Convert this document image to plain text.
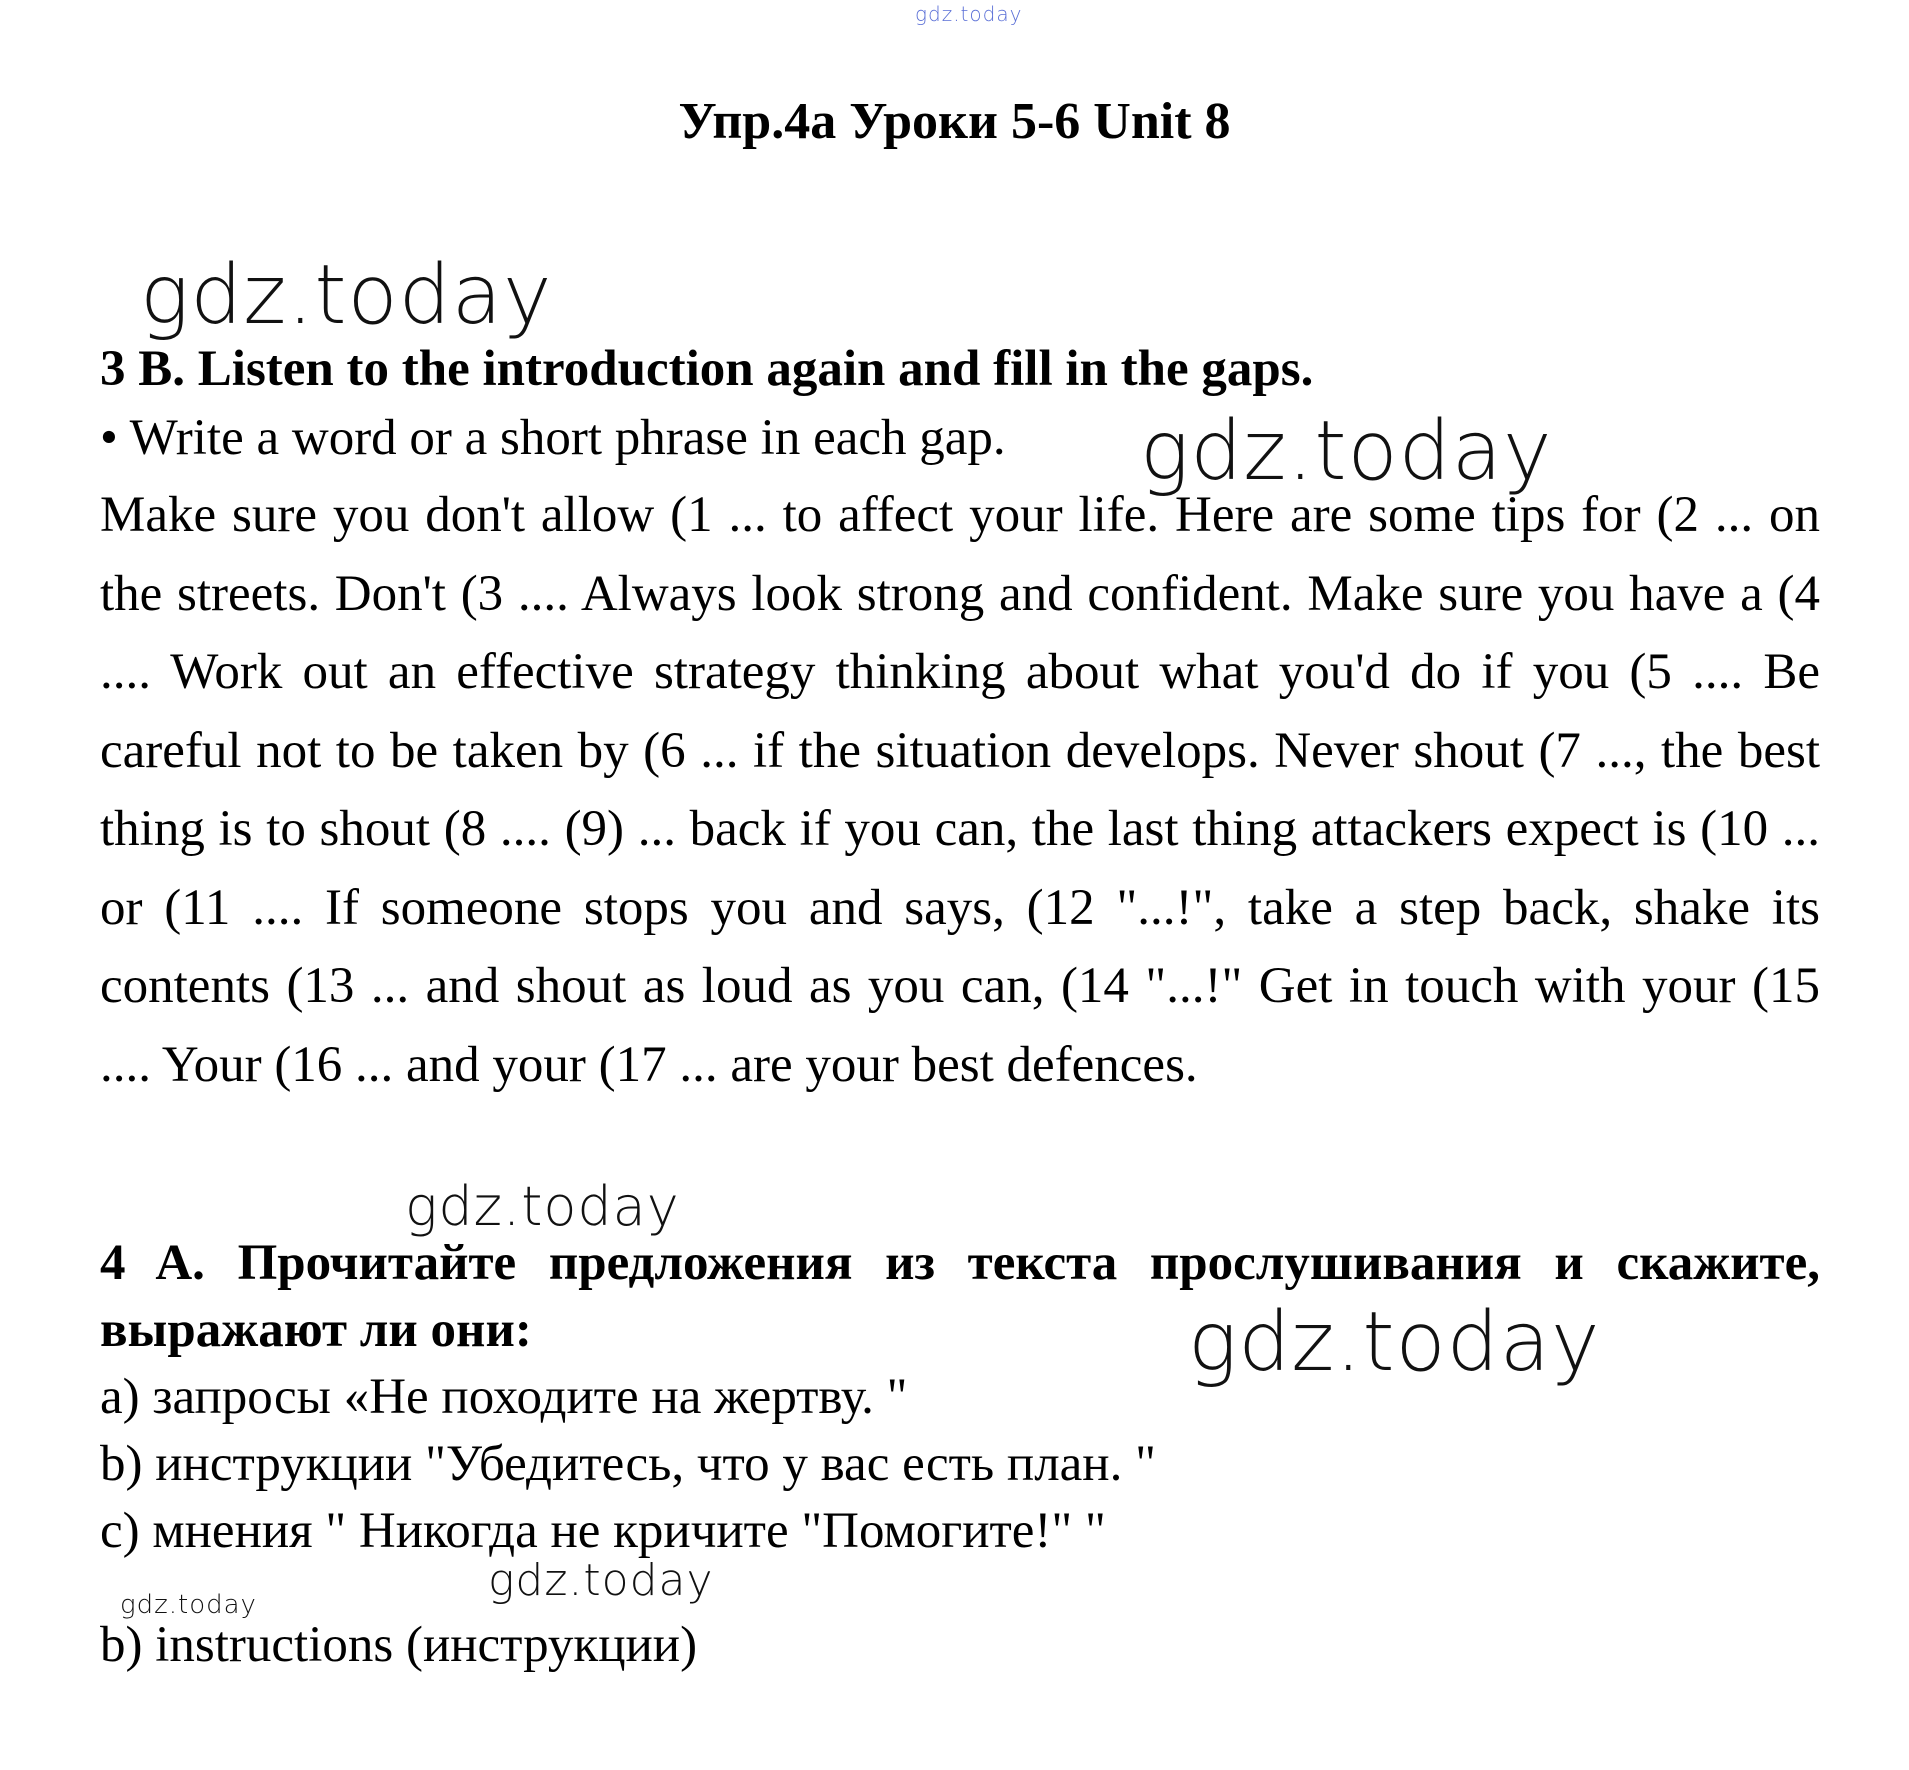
gdz.today
gdz.today
gdz.today
gdz.today
gdz.today
gdz.today	gdz.today
Упр.4а Уроки 5-6 Unit 8

3 B. Listen to the introduction again and fill in the gaps.

• Write a word or a short phrase in each gap.

Make sure you don't allow (1 ... to affect your life. Here are some tips for (2 ... on the streets. Don't (3 .... Always look strong and confident. Make sure you have a (4 .... Work out an effective strategy thinking about what you'd do if you (5 .... Be careful not to be taken by (6 ... if the situation develops. Never shout (7 ..., the best thing is to shout (8 .... (9) ... back if you can, the last thing attackers expect is (10 ... or (11 .... If someone stops you and says, (12 "...!", take a step back, shake its contents (13 ... and shout as loud as you can, (14 "...!" Get in touch with your (15 .... Your (16 ... and your (17 ... are your best defences.

4 A. Прочитайте предложения из текста прослушивания и скажите, выражают ли они:

a) запросы «Не походите на жертву. "

b) инструкции "Убедитесь, что у вас есть план. "

c) мнения " Никогда не кричите "Помогите!" "

b) instructions (инструкции)
